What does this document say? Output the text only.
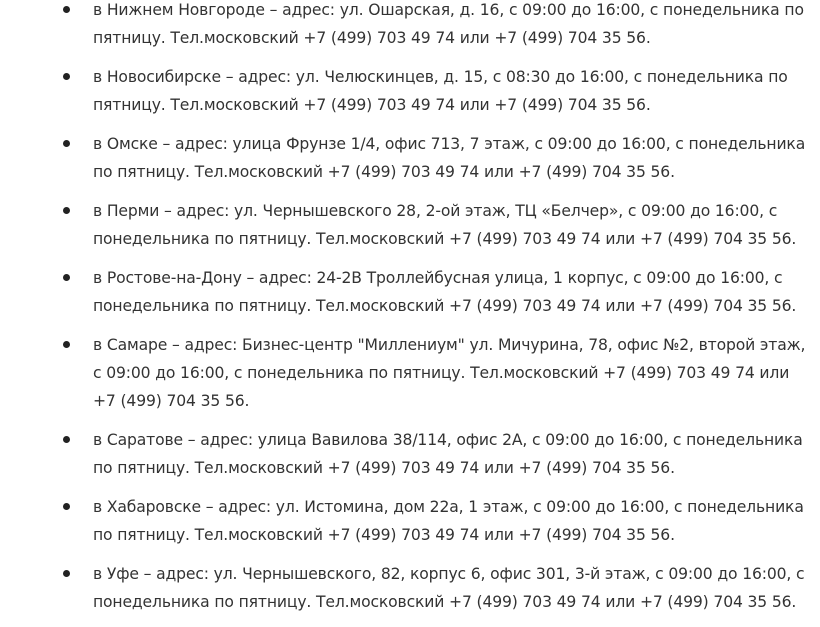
в Нижнем Новгороде – адрес: ул. Ошарская, д. 16, с 09:00 до 16:00, с понедельника по пятницу. Тел.московский +7 (499) 703 49 74 или +7 (499) 704 35 56.
в Новосибирске – адрес: ул. Челюскинцев, д. 15, с 08:30 до 16:00, с понедельника по пятницу. Тел.московский +7 (499) 703 49 74 или +7 (499) 704 35 56.
в Омске – адрес: улица Фрунзе 1/4, офис 713, 7 этаж, с 09:00 до 16:00, с понедельника по пятницу. Тел.московский +7 (499) 703 49 74 или +7 (499) 704 35 56.
в Перми – адрес: ул. Чернышевского 28, 2-ой этаж, ТЦ «Белчер», с 09:00 до 16:00, с понедельника по пятницу. Тел.московский +7 (499) 703 49 74 или +7 (499) 704 35 56.
в Ростове-на-Дону – адрес: 24-2В Троллейбусная улица, 1 корпус, с 09:00 до 16:00, с понедельника по пятницу. Тел.московский +7 (499) 703 49 74 или +7 (499) 704 35 56.
в Самаре – адрес: Бизнес-центр "Миллениум" ул. Мичурина, 78, офис №2, второй этаж, с 09:00 до 16:00, с понедельника по пятницу. Тел.московский +7 (499) 703 49 74 или +7 (499) 704 35 56.
в Саратове – адрес: улица Вавилова 38/114, офис 2А, с 09:00 до 16:00, с понедельника по пятницу. Тел.московский +7 (499) 703 49 74 или +7 (499) 704 35 56.
в Хабаровске – адрес: ул. Истомина, дом 22а, 1 этаж, с 09:00 до 16:00, с понедельника по пятницу. Тел.московский +7 (499) 703 49 74 или +7 (499) 704 35 56.
в Уфе – адрес: ул. Чернышевского, 82, корпус 6, офис 301, 3-й этаж, с 09:00 до 16:00, с понедельника по пятницу. Тел.московский +7 (499) 703 49 74 или +7 (499) 704 35 56.
